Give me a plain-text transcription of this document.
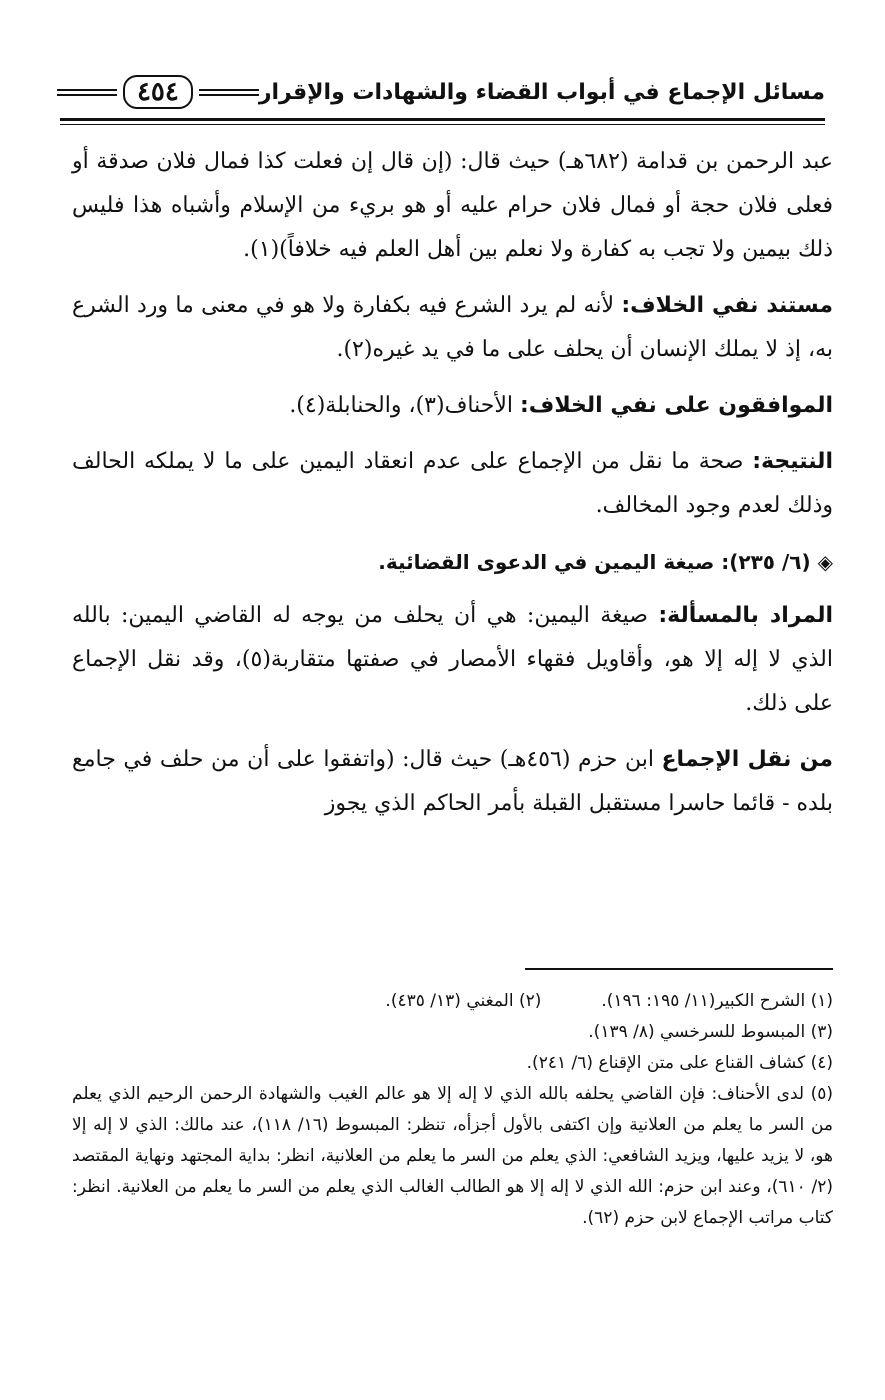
مسائل الإجماع في أبواب القضاء والشهادات والإقرار
٤٥٤

عبد الرحمن بن قدامة (٦٨٢هـ) حيث قال: (إن قال إن فعلت كذا فمال فلان صدقة أو فعلى فلان حجة أو فمال فلان حرام عليه أو هو بريء من الإسلام وأشباه هذا فليس ذلك بيمين ولا تجب به كفارة ولا نعلم بين أهل العلم فيه خلافاً)(١).

مستند نفي الخلاف: لأنه لم يرد الشرع فيه بكفارة ولا هو في معنى ما ورد الشرع به، إذ لا يملك الإنسان أن يحلف على ما في يد غيره(٢).

الموافقون على نفي الخلاف: الأحناف(٣)، والحنابلة(٤).

النتيجة: صحة ما نقل من الإجماع على عدم انعقاد اليمين على ما لا يملكه الحالف وذلك لعدم وجود المخالف.

◈ (٦/ ٢٣٥): صيغة اليمين في الدعوى القضائية.

المراد بالمسألة: صيغة اليمين: هي أن يحلف من يوجه له القاضي اليمين: بالله الذي لا إله إلا هو، وأقاويل فقهاء الأمصار في صفتها متقاربة(٥)، وقد نقل الإجماع على ذلك.

من نقل الإجماع ابن حزم (٤٥٦هـ) حيث قال: (واتفقوا على أن من حلف في جامع بلده - قائما حاسرا مستقبل القبلة بأمر الحاكم الذي يجوز

(١) الشرح الكبير(١١/ ١٩٥: ١٩٦).

(٢) المغني (١٣/ ٤٣٥).

(٣) المبسوط للسرخسي (٨/ ١٣٩).

(٤) كشاف القناع على متن الإقناع (٦/ ٢٤١).

(٥) لدى الأحناف: فإن القاضي يحلفه بالله الذي لا إله إلا هو عالم الغيب والشهادة الرحمن الرحيم الذي يعلم من السر ما يعلم من العلانية وإن اكتفى بالأول أجزأه، تنظر: المبسوط (١٦/ ١١٨)، عند مالك: الذي لا إله إلا هو، لا يزيد عليها، ويزيد الشافعي: الذي يعلم من السر ما يعلم من العلانية، انظر: بداية المجتهد ونهاية المقتصد (٢/ ٦١٠)، وعند ابن حزم: الله الذي لا إله إلا هو الطالب الغالب الذي يعلم من السر ما يعلم من العلانية. انظر: كتاب مراتب الإجماع لابن حزم (٦٢).
